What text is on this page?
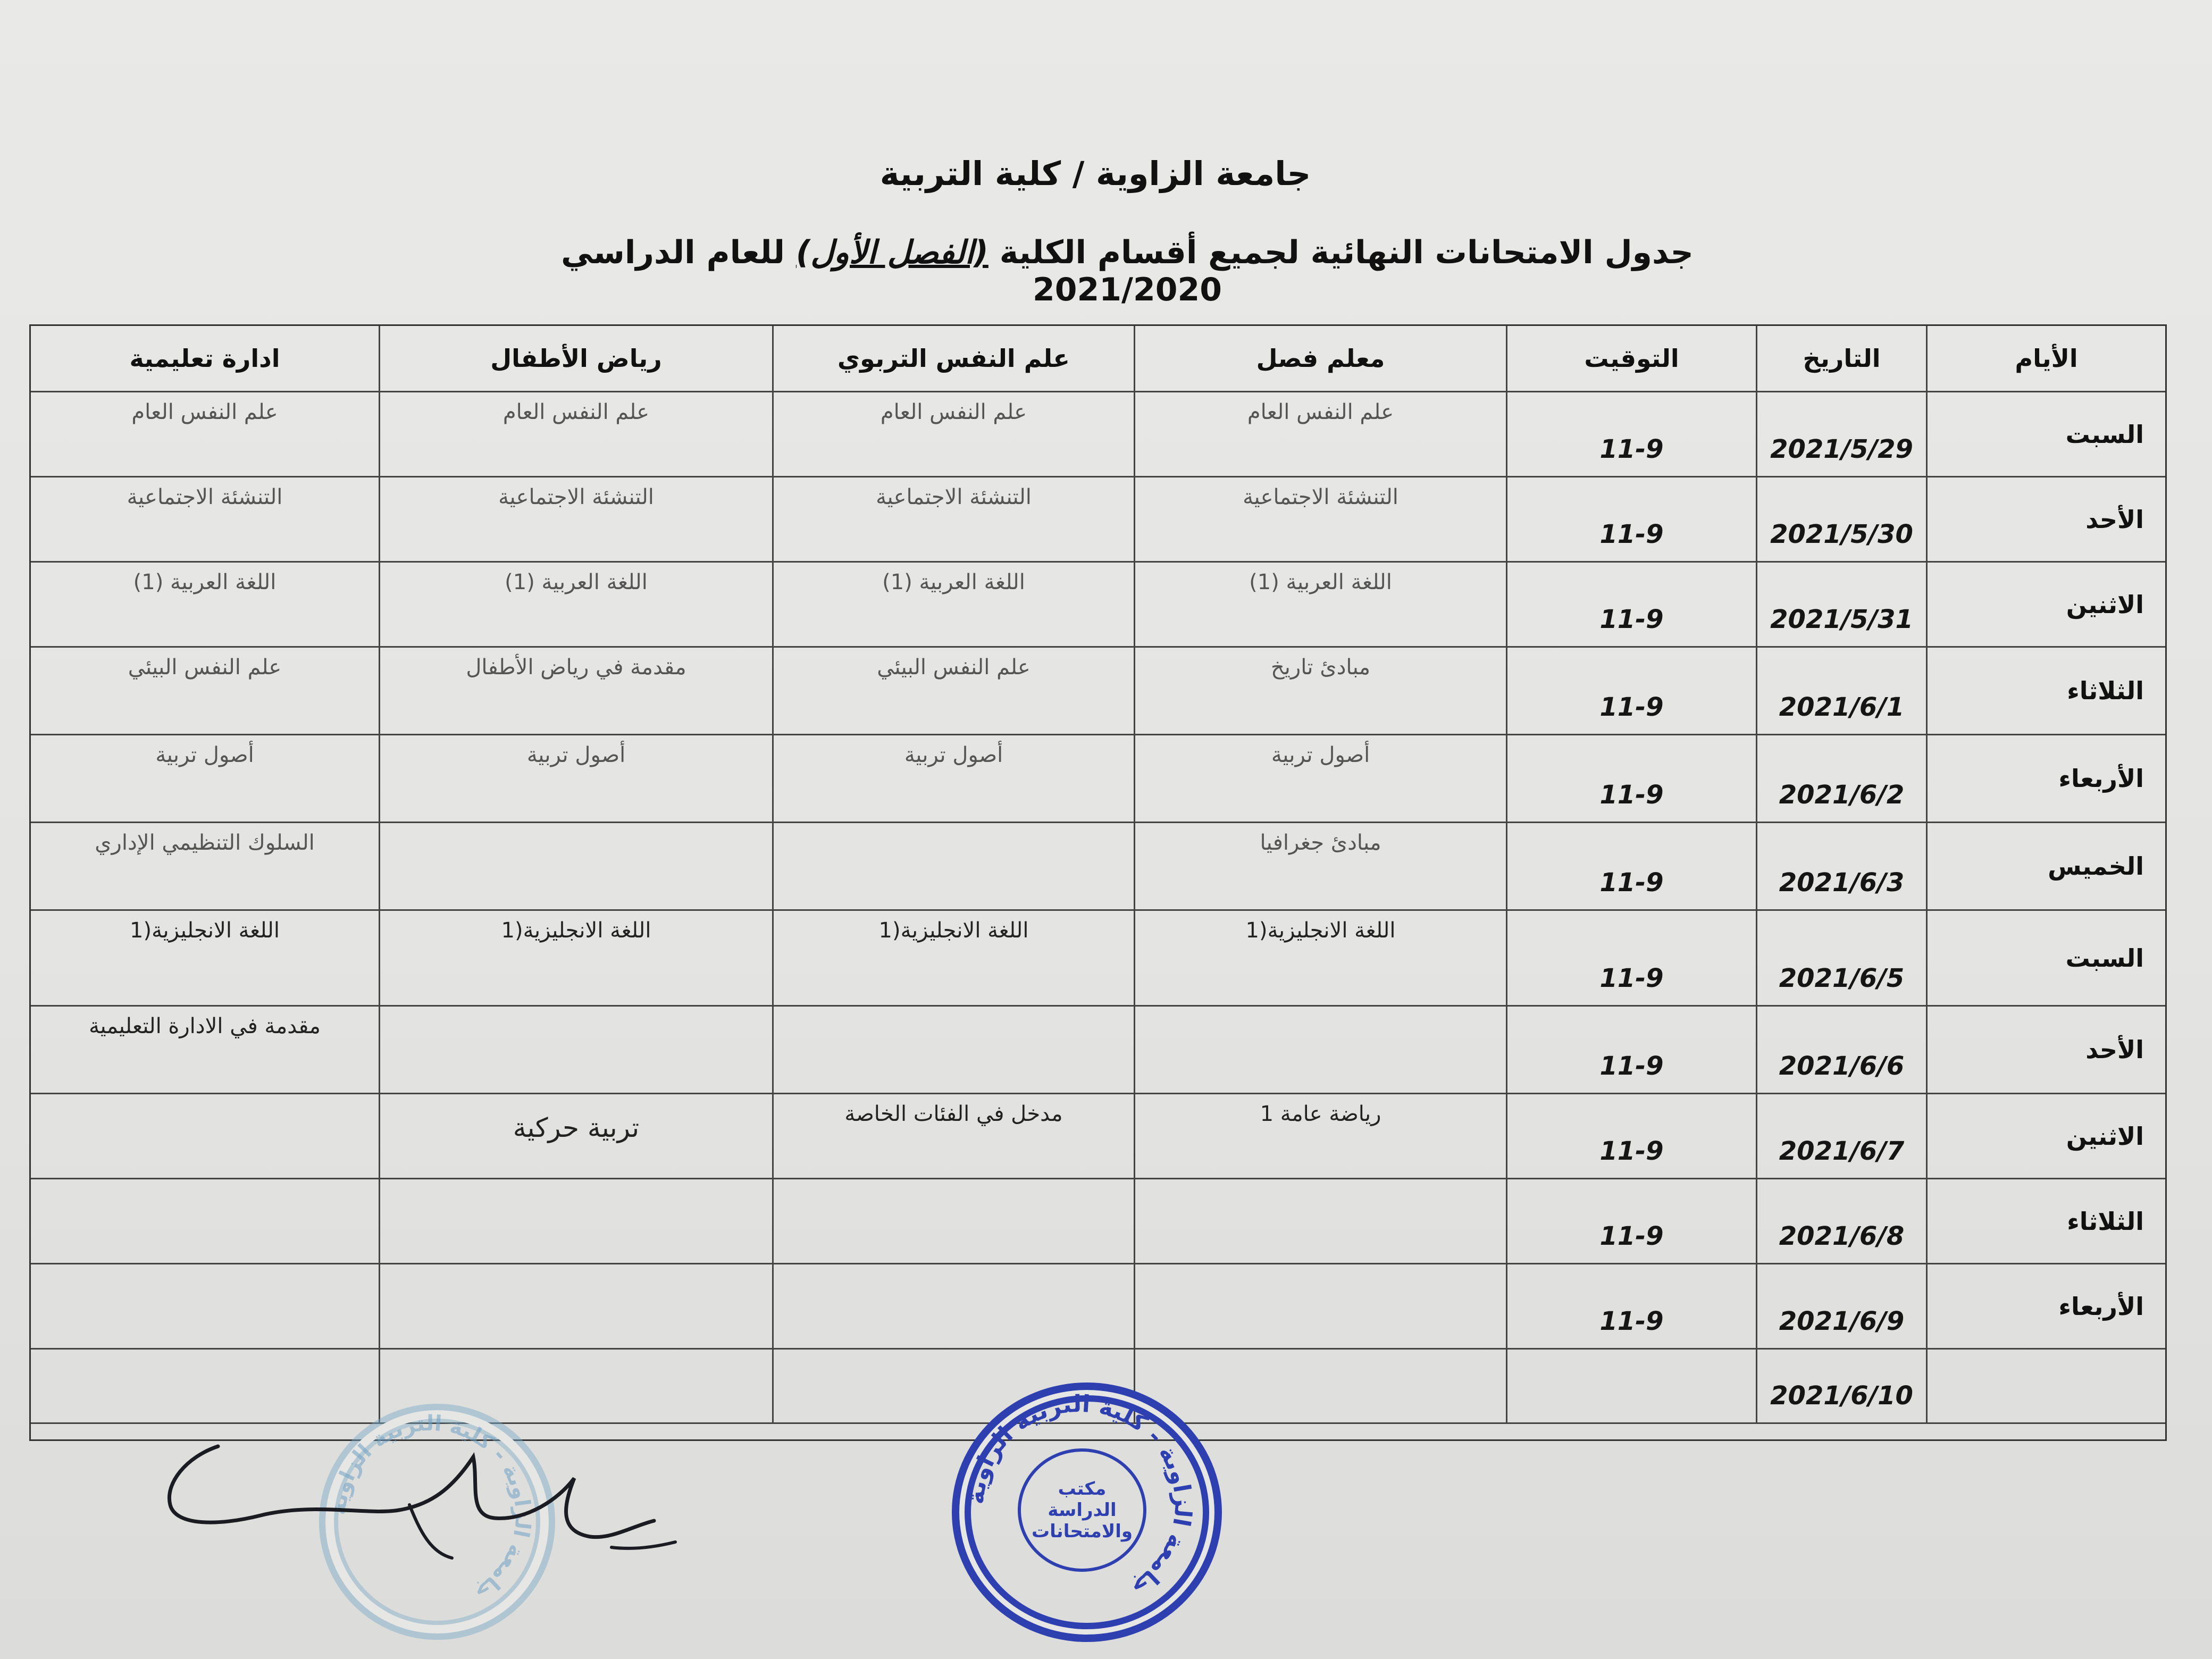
جامعة الزاوية / كلية التربية
جدول الامتحانات النهائية لجميع أقسام الكلية (الفصل الأول) للعام الدراسي 2021/2020
الأيام
التاريخ
التوقيت
معلم فصل
علم النفس التربوي
رياض الأطفال
ادارة تعليمية
السبت
2021/5/29
11-9
علم النفس العام
علم النفس العام
علم النفس العام
علم النفس العام
الأحد
2021/5/30
11-9
التنشئة الاجتماعية
التنشئة الاجتماعية
التنشئة الاجتماعية
التنشئة الاجتماعية
الاثنين
2021/5/31
11-9
اللغة العربية (1)
اللغة العربية (1)
اللغة العربية (1)
اللغة العربية (1)
الثلاثاء
2021/6/1
11-9
مبادئ تاريخ
علم النفس البيئي
مقدمة في رياض الأطفال
علم النفس البيئي
الأربعاء
2021/6/2
11-9
أصول تربية
أصول تربية
أصول تربية
أصول تربية
الخميس
2021/6/3
11-9
مبادئ جغرافيا
السلوك التنظيمي الإداري
السبت
2021/6/5
11-9
اللغة الانجليزية(1
اللغة الانجليزية(1
اللغة الانجليزية(1
اللغة الانجليزية(1
الأحد
2021/6/6
11-9
مقدمة في الادارة التعليمية
الاثنين
2021/6/7
11-9
رياضة عامة 1
مدخل في الفئات الخاصة
تربية حركية
الثلاثاء
2021/6/8
11-9
الأربعاء
2021/6/9
11-9
2021/6/10
جامعة الزاوية - كلية التربية الزاوية
جامعة الزاوية - كلية التربية الزاوية
مكتب الدراسة
والامتحانات
